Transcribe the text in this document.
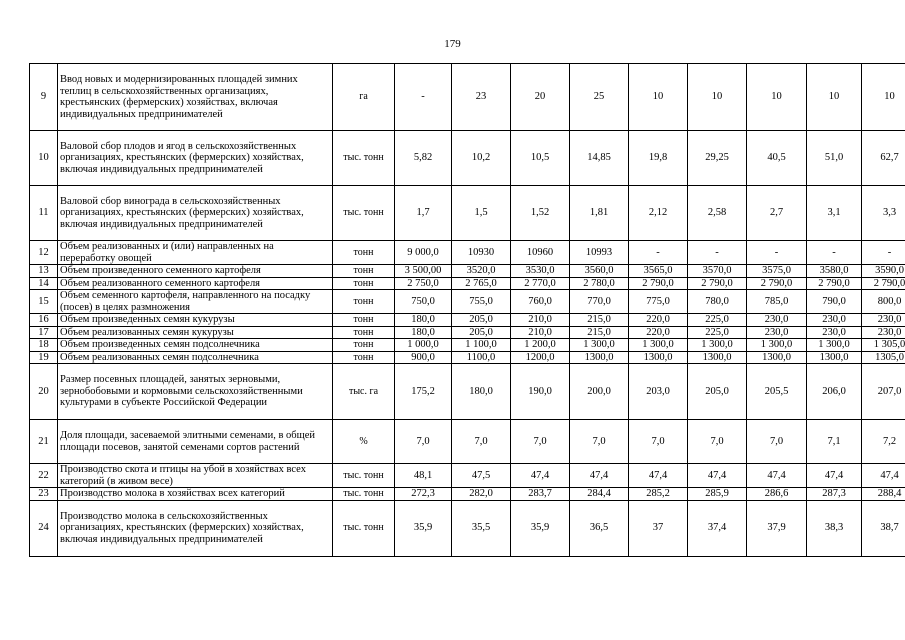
179
9	Ввод новых и модернизированных площадей зимних теплиц в сельскохозяйственных организациях, крестьянских (фермерских) хозяйствах, включая индивидуальных предпринимателей	га	-	23	20	25	10	10	10	10	10
10	Валовой сбор плодов и ягод в сельскохозяйственных организациях, крестьянских (фермерских) хозяйствах, включая индивидуальных предпринимателей	тыс. тонн	5,82	10,2	10,5	14,85	19,8	29,25	40,5	51,0	62,7
11	Валовой сбор винограда в сельскохозяйственных организациях, крестьянских (фермерских) хозяйствах, включая индивидуальных предпринимателей	тыс. тонн	1,7	1,5	1,52	1,81	2,12	2,58	2,7	3,1	3,3
12	Объем реализованных и (или) направленных на переработку овощей	тонн	9 000,0	10930	10960	10993	-	-	-	-	-
13	Объем произведенного семенного картофеля	тонн	3 500,00	3520,0	3530,0	3560,0	3565,0	3570,0	3575,0	3580,0	3590,0
14	Объем реализованного семенного картофеля	тонн	2 750,0	2 765,0	2 770,0	2 780,0	2 790,0	2 790,0	2 790,0	2 790,0	2 790,0
15	Объем семенного картофеля, направленного на посадку (посев) в целях размножения	тонн	750,0	755,0	760,0	770,0	775,0	780,0	785,0	790,0	800,0
16	Объем произведенных семян кукурузы	тонн	180,0	205,0	210,0	215,0	220,0	225,0	230,0	230,0	230,0
17	Объем реализованных семян кукурузы	тонн	180,0	205,0	210,0	215,0	220,0	225,0	230,0	230,0	230,0
18	Объем произведенных семян подсолнечника	тонн	1 000,0	1 100,0	1 200,0	1 300,0	1 300,0	1 300,0	1 300,0	1 300,0	1 305,0
19	Объем реализованных семян подсолнечника	тонн	900,0	1100,0	1200,0	1300,0	1300,0	1300,0	1300,0	1300,0	1305,0
20	Размер посевных площадей, занятых зерновыми, зернобобовыми и кормовыми сельскохозяйственными культурами в субъекте Российской Федерации	тыс. га	175,2	180,0	190,0	200,0	203,0	205,0	205,5	206,0	207,0
21	Доля площади, засеваемой элитными семенами, в общей площади посевов, занятой семенами сортов растений	%	7,0	7,0	7,0	7,0	7,0	7,0	7,0	7,1	7,2
22	Производство скота и птицы на убой в хозяйствах всех категорий (в живом весе)	тыс. тонн	48,1	47,5	47,4	47,4	47,4	47,4	47,4	47,4	47,4
23	Производство молока в хозяйствах всех категорий	тыс. тонн	272,3	282,0	283,7	284,4	285,2	285,9	286,6	287,3	288,4
24	Производство молока в сельскохозяйственных организациях, крестьянских (фермерских) хозяйствах, включая индивидуальных предпринимателей	тыс. тонн	35,9	35,5	35,9	36,5	37	37,4	37,9	38,3	38,7
